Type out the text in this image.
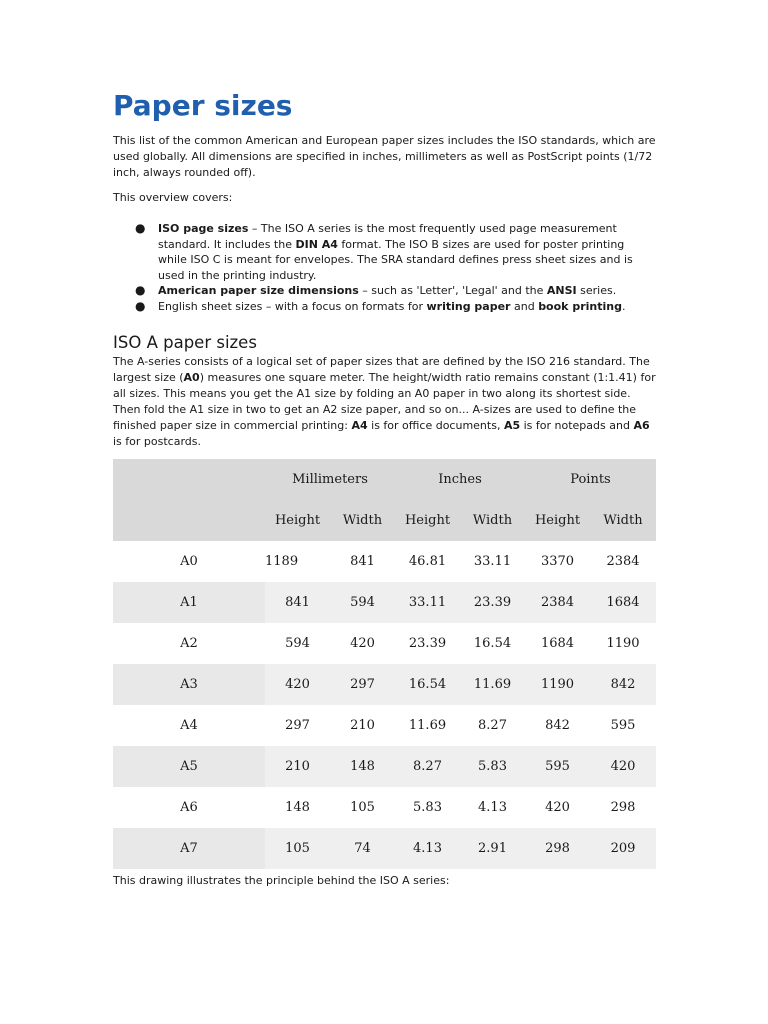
Paper sizes

This list of the common American and European paper sizes includes the ISO standards, which are used globally. All dimensions are specified in inches, millimeters as well as PostScript points (1/72 inch, always rounded off).

This overview covers:

● ISO page sizes – The ISO A series is the most frequently used page measurement standard. It includes the DIN A4 format. The ISO B sizes are used for poster printing while ISO C is meant for envelopes. The SRA standard defines press sheet sizes and is used in the printing industry.
● American paper size dimensions – such as 'Letter', 'Legal' and the ANSI series.
● English sheet sizes – with a focus on formats for writing paper and book printing.
ISO A paper sizes

The A-series consists of a logical set of paper sizes that are defined by the ISO 216 standard. The largest size (A0) measures one square meter. The height/width ratio remains constant (1:1.41) for all sizes. This means you get the A1 size by folding an A0 paper in two along its shortest side. Then fold the A1 size in two to get an A2 size paper, and so on... A-sizes are used to define the finished paper size in commercial printing: A4 is for office documents, A5 is for notepads and A6 is for postcards.

	Millimeters		Inches		Points	
	Height	Width	Height	Width	Height	Width
A0	1189	841	46.81	33.11	3370	2384
A1	841	594	33.11	23.39	2384	1684
A2	594	420	23.39	16.54	1684	1190
A3	420	297	16.54	11.69	1190	842
A4	297	210	11.69	8.27	842	595
A5	210	148	8.27	5.83	595	420
A6	148	105	5.83	4.13	420	298
A7	105	74	4.13	2.91	298	209

This drawing illustrates the principle behind the ISO A series:
